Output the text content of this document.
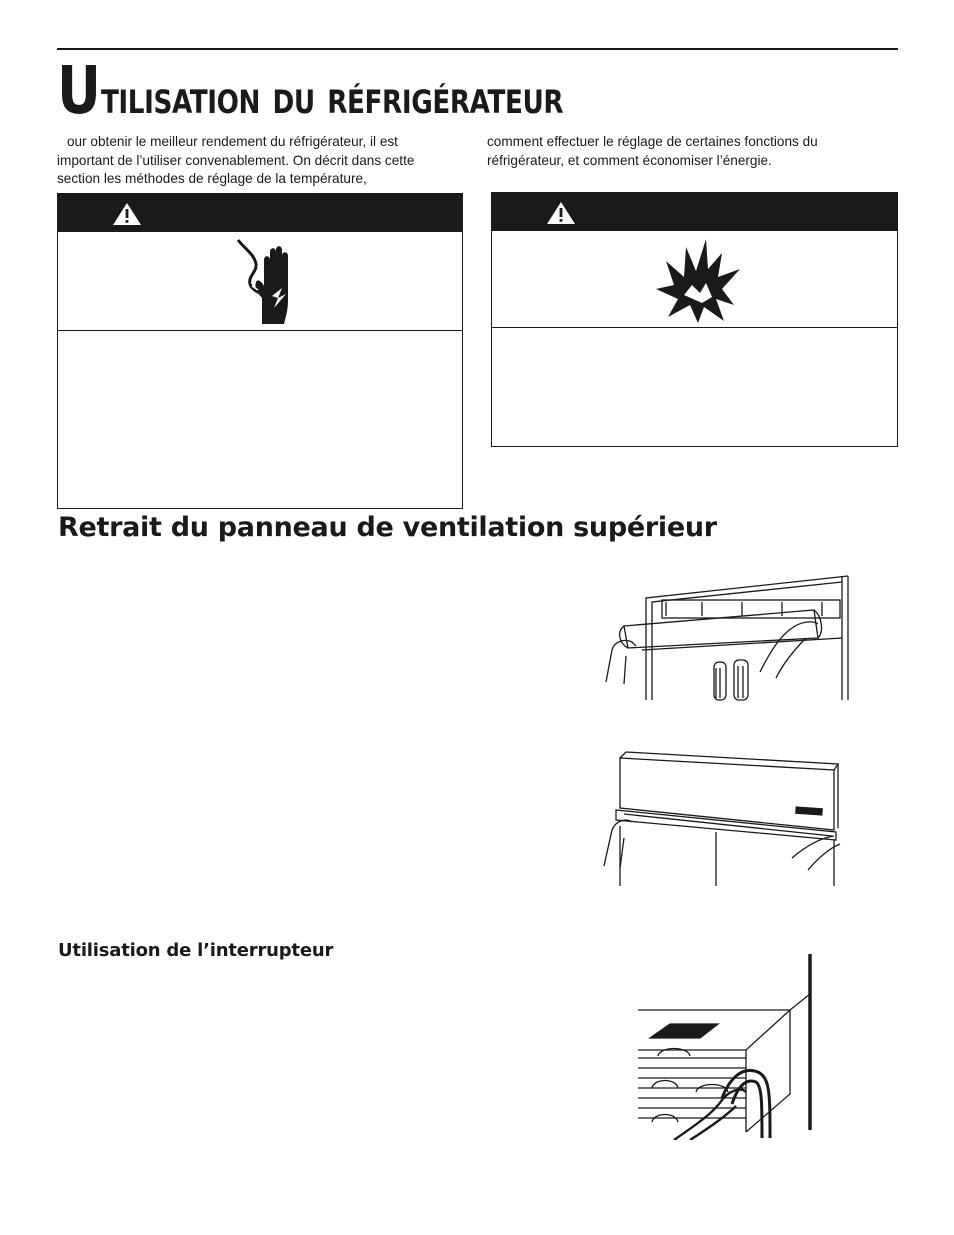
Utilisation du réfrigérateur

our obtenir le meilleur rendement du réfrigérateur, il est important de l’utiliser convenablement. On décrit dans cette section les méthodes de réglage de la température,

comment effectuer le réglage de certaines fonctions du réfrigérateur, et comment économiser l’énergie.

Retrait du panneau de ventilation supérieur
Utilisation de l’interrupteur
